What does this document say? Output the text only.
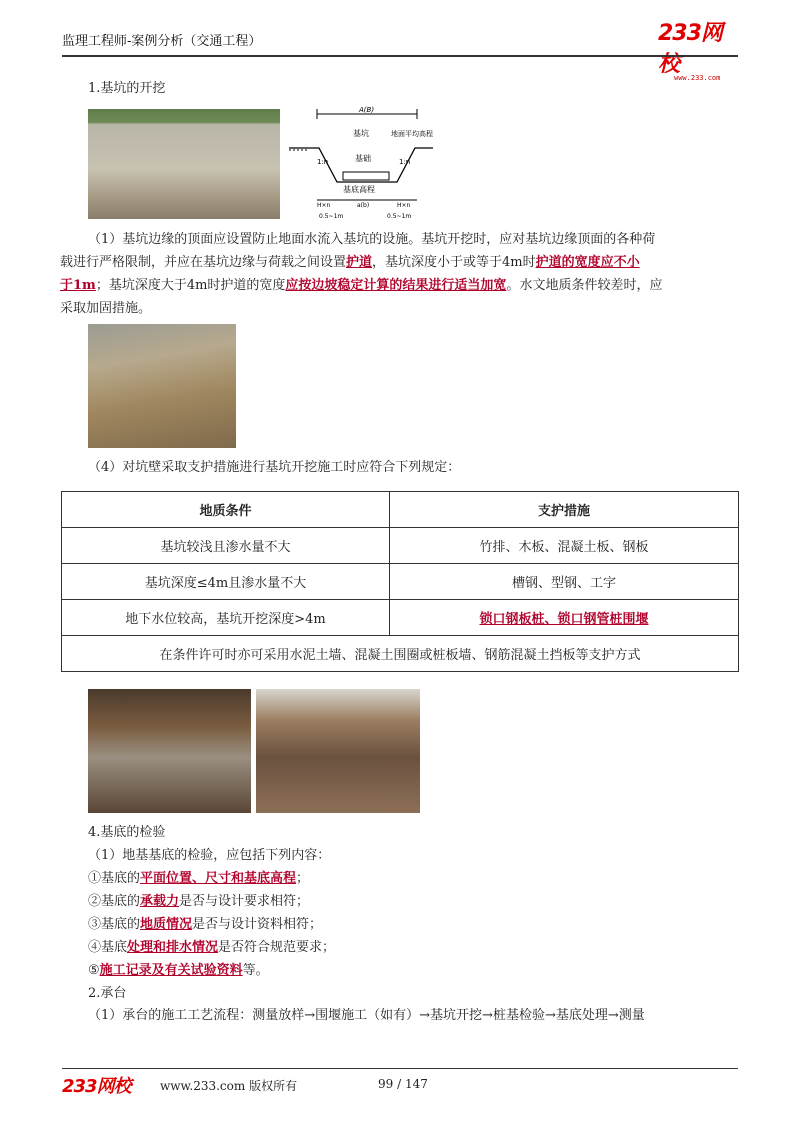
监理工程师-案例分析（交通工程）	233网校
www.233.com
1.基坑的开挖
A(B)
基坑	地面平均高程
基础
基底高程
1:n	1:n
H×n	a(b)	H×n
0.5~1m	0.5~1m
（1）基坑边缘的顶面应设置防止地面水流入基坑的设施。基坑开挖时，应对基坑边缘顶面的各种荷
载进行严格限制，并应在基坑边缘与荷载之间设置护道，基坑深度小于或等于4m时护道的宽度应不小
于1m；基坑深度大于4m时护道的宽度应按边坡稳定计算的结果进行适当加宽。水文地质条件较差时，应
采取加固措施。
（4）对坑壁采取支护措施进行基坑开挖施工时应符合下列规定：
地质条件	支护措施
基坑较浅且渗水量不大	竹排、木板、混凝土板、钢板
基坑深度≤4m且渗水量不大	槽钢、型钢、工字
地下水位较高，基坑开挖深度>4m	锁口钢板桩、锁口钢管桩围堰
在条件许可时亦可采用水泥土墙、混凝土围圈或桩板墙、钢筋混凝土挡板等支护方式	
4.基底的检验
（1）地基基底的检验，应包括下列内容：
①基底的平面位置、尺寸和基底高程；
②基底的承载力是否与设计要求相符；
③基底的地质情况是否与设计资料相符；
④基底处理和排水情况是否符合规范要求；
⑤施工记录及有关试验资料等。
2.承台
（1）承台的施工工艺流程：测量放样→围堰施工（如有）→基坑开挖→桩基检验→基底处理→测量
233网校 www.233.com 版权所有	99 / 147
